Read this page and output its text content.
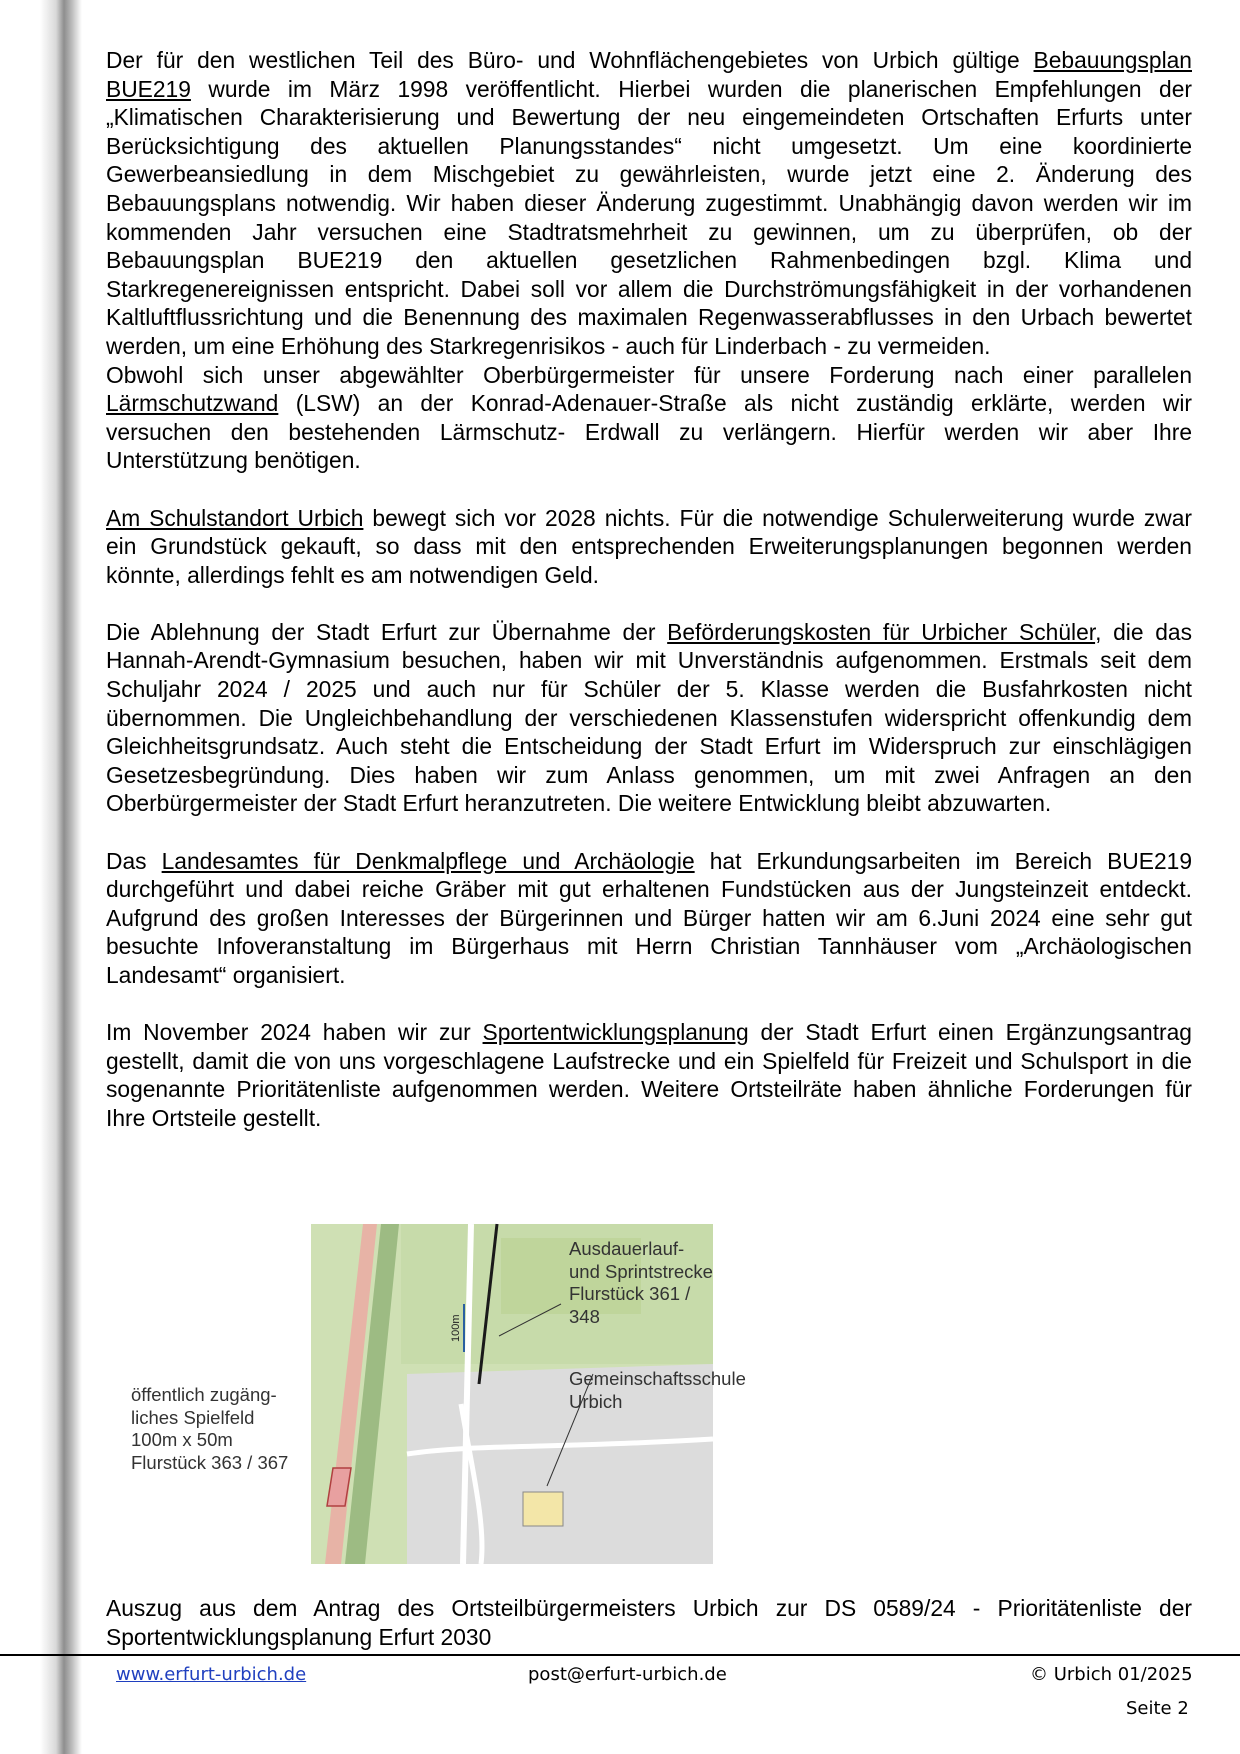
Der für den westlichen Teil des Büro- und Wohnflächengebietes von Urbich gültige Bebauungsplan BUE219 wurde im März 1998 veröffentlicht. Hierbei wurden die planerischen Empfehlungen der „Klimatischen Charakterisierung und Bewertung der neu eingemeindeten Ortschaften Erfurts unter Berücksichtigung des aktuellen Planungsstandes“ nicht umgesetzt. Um eine koordinierte Gewerbeansiedlung in dem Mischgebiet zu gewährleisten, wurde jetzt eine 2. Änderung des Bebauungsplans notwendig. Wir haben dieser Änderung zugestimmt. Unabhängig davon werden wir im kommenden Jahr versuchen eine Stadtratsmehrheit zu gewinnen, um zu überprüfen, ob der Bebauungsplan BUE219 den aktuellen gesetzlichen Rahmenbedingen bzgl. Klima und Starkregenereignissen entspricht. Dabei soll vor allem die Durchströmungsfähigkeit in der vorhandenen Kaltluftflussrichtung und die Benennung des maximalen Regenwasserabflusses in den Urbach bewertet werden, um eine Erhöhung des Starkregenrisikos - auch für Linderbach - zu vermeiden.

Obwohl sich unser abgewählter Oberbürgermeister für unsere Forderung nach einer parallelen Lärmschutzwand (LSW) an der Konrad-Adenauer-Straße als nicht zuständig erklärte, werden wir versuchen den bestehenden Lärmschutz- Erdwall zu verlängern. Hierfür werden wir aber Ihre Unterstützung benötigen.

Am Schulstandort Urbich bewegt sich vor 2028 nichts. Für die notwendige Schulerweiterung wurde zwar ein Grundstück gekauft, so dass mit den entsprechenden Erweiterungsplanungen begonnen werden könnte, allerdings fehlt es am notwendigen Geld.

Die Ablehnung der Stadt Erfurt zur Übernahme der Beförderungskosten für Urbicher Schüler, die das Hannah-Arendt-Gymnasium besuchen, haben wir mit Unverständnis aufgenommen. Erstmals seit dem Schuljahr 2024 / 2025 und auch nur für Schüler der 5. Klasse werden die Busfahrkosten nicht übernommen. Die Ungleichbehandlung der verschiedenen Klassenstufen widerspricht offenkundig dem Gleichheitsgrundsatz. Auch steht die Entscheidung der Stadt Erfurt im Widerspruch zur einschlägigen Gesetzesbegründung. Dies haben wir zum Anlass genommen, um mit zwei Anfragen an den Oberbürgermeister der Stadt Erfurt heranzutreten. Die weitere Entwicklung bleibt abzuwarten.

Das Landesamtes für Denkmalpflege und Archäologie hat Erkundungsarbeiten im Bereich BUE219 durchgeführt und dabei reiche Gräber mit gut erhaltenen Fundstücken aus der Jungsteinzeit entdeckt. Aufgrund des großen Interesses der Bürgerinnen und Bürger hatten wir am 6.Juni 2024 eine sehr gut besuchte Infoveranstaltung im Bürgerhaus mit Herrn Christian Tannhäuser vom „Archäologischen Landesamt“ organisiert.

Im November 2024 haben wir zur Sportentwicklungsplanung der Stadt Erfurt einen Ergänzungsantrag gestellt, damit die von uns vorgeschlagene Laufstrecke und ein Spielfeld für Freizeit und Schulsport in die sogenannte Prioritätenliste aufgenommen werden. Weitere Ortsteilräte haben ähnliche Forderungen für Ihre Ortsteile gestellt.

100m
Ausdauerlauf-
und Sprintstrecke
Flurstück 361 / 348
Gemeinschaftsschule
Urbich
öffentlich zugäng-
liches Spielfeld
100m x 50m
Flurstück 363 / 367
Auszug aus dem Antrag des Ortsteilbürgermeisters Urbich zur DS 0589/24 - Prioritätenliste der Sportentwicklungsplanung Erfurt 2030
www.erfurt-urbich.de	post@erfurt-urbich.de	© Urbich 01/2025
Seite 2
